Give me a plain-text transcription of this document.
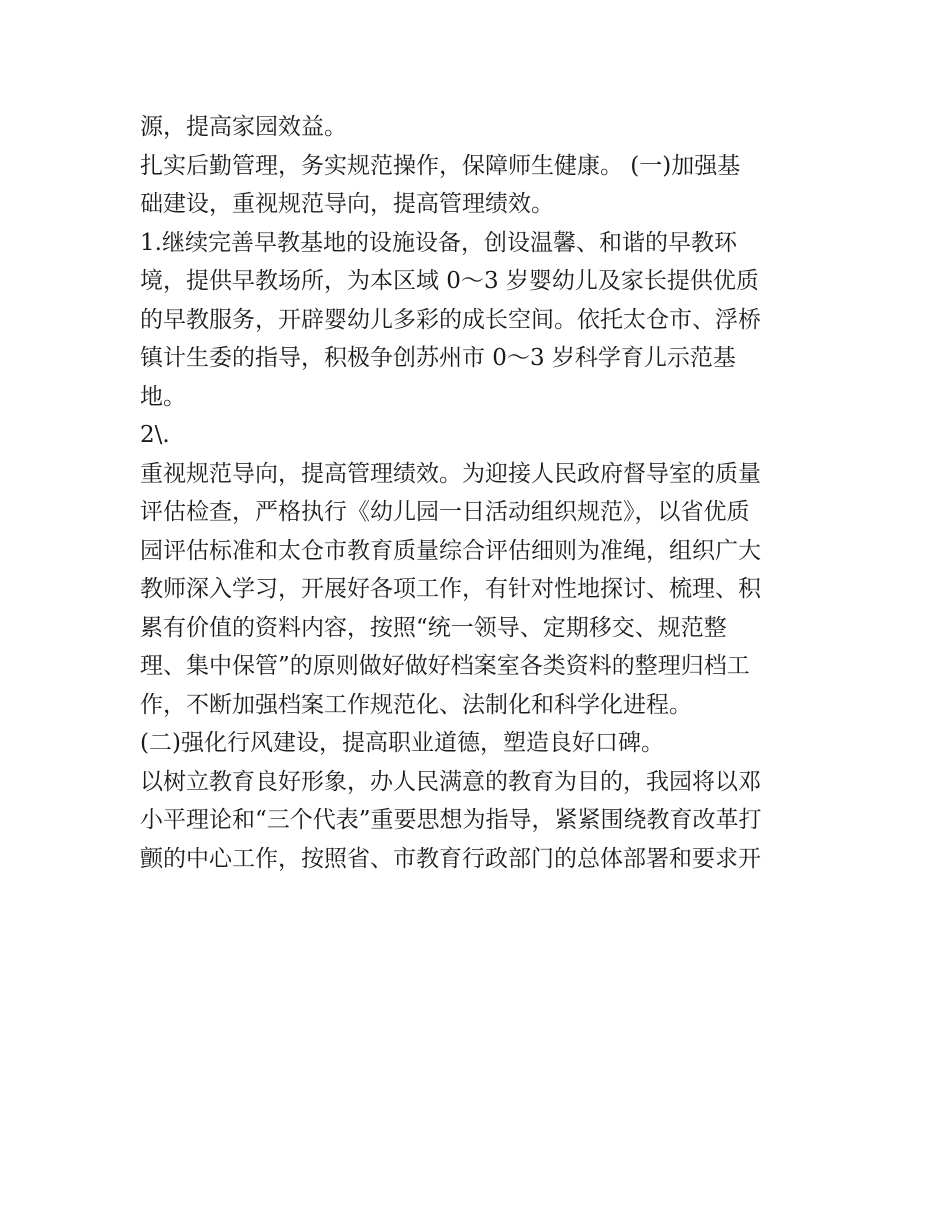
源，提高家园效益。
扎实后勤管理，务实规范操作，保障师生健康。 (一)加强基
础建设，重视规范导向，提高管理绩效。
1.继续完善早教基地的设施设备，创设温馨、和谐的早教环
境，提供早教场所，为本区域 0～3 岁婴幼儿及家长提供优质
的早教服务，开辟婴幼儿多彩的成长空间。依托太仓市、浮桥
镇计生委的指导，积极争创苏州市 0～3 岁科学育儿示范基
地。
2\.
重视规范导向，提高管理绩效。为迎接人民政府督导室的质量
评估检查，严格执行《幼儿园一日活动组织规范》，以省优质
园评估标准和太仓市教育质量综合评估细则为准绳，组织广大
教师深入学习，开展好各项工作，有针对性地探讨、梳理、积
累有价值的资料内容，按照“统一领导、定期移交、规范整
理、集中保管”的原则做好做好档案室各类资料的整理归档工
作，不断加强档案工作规范化、法制化和科学化进程。
(二)强化行风建设，提高职业道德，塑造良好口碑。
以树立教育良好形象，办人民满意的教育为目的，我园将以邓
小平理论和“三个代表”重要思想为指导，紧紧围绕教育改革打
颤的中心工作，按照省、市教育行政部门的总体部署和要求开
